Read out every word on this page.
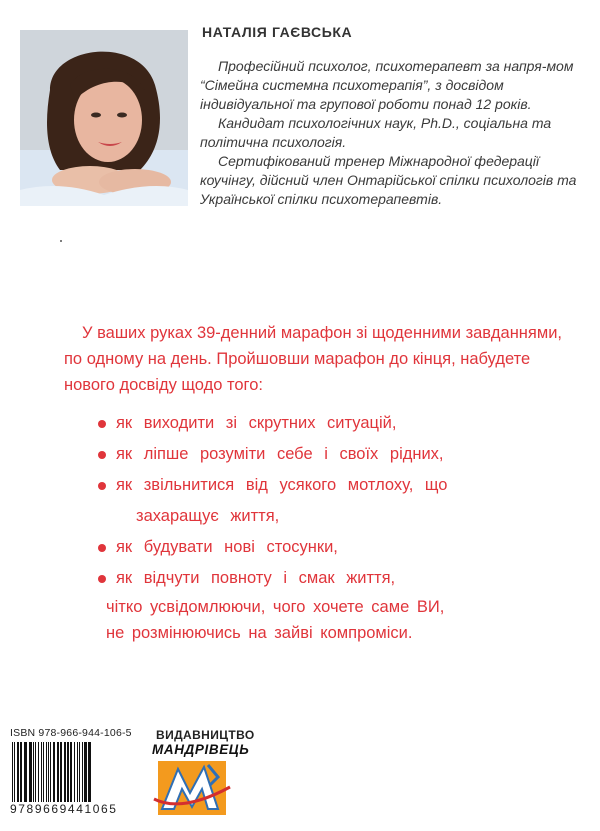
НАТАЛІЯ ГАЄВСЬКА

Професійний психолог, психотерапевт за напря-мом “Сімейна системна психотерапія”, з досвідом індивідуальної та групової роботи понад 12 років.

Кандидат психологічних наук, Ph.D., соціальна та політична психологія.

Сертифікований тренер Міжнародної федерації коучінгу, дійсний член Онтарійської спілки психологів та Української спілки психотерапевтів.

У ваших руках 39-денний марафон зі щоденними завданнями, по одному на день. Пройшовши марафон до кінця, набудете нового досвіду щодо того:

як виходити зі скрутних ситуацій,
як ліпше розуміти себе і своїх рідних,
як звільнитися від усякого мотлоху, що
захаращує життя,
як будувати нові стосунки,
як відчути повноту і смак життя,
чітко усвідомлюючи, чого хочете саме ВИ,
не розмінюючись на зайві компроміси.
ISBN 978-966-944-106-5
9789669441065
ВИДАВНИЦТВО
МАНДРІВЕЦЬ
